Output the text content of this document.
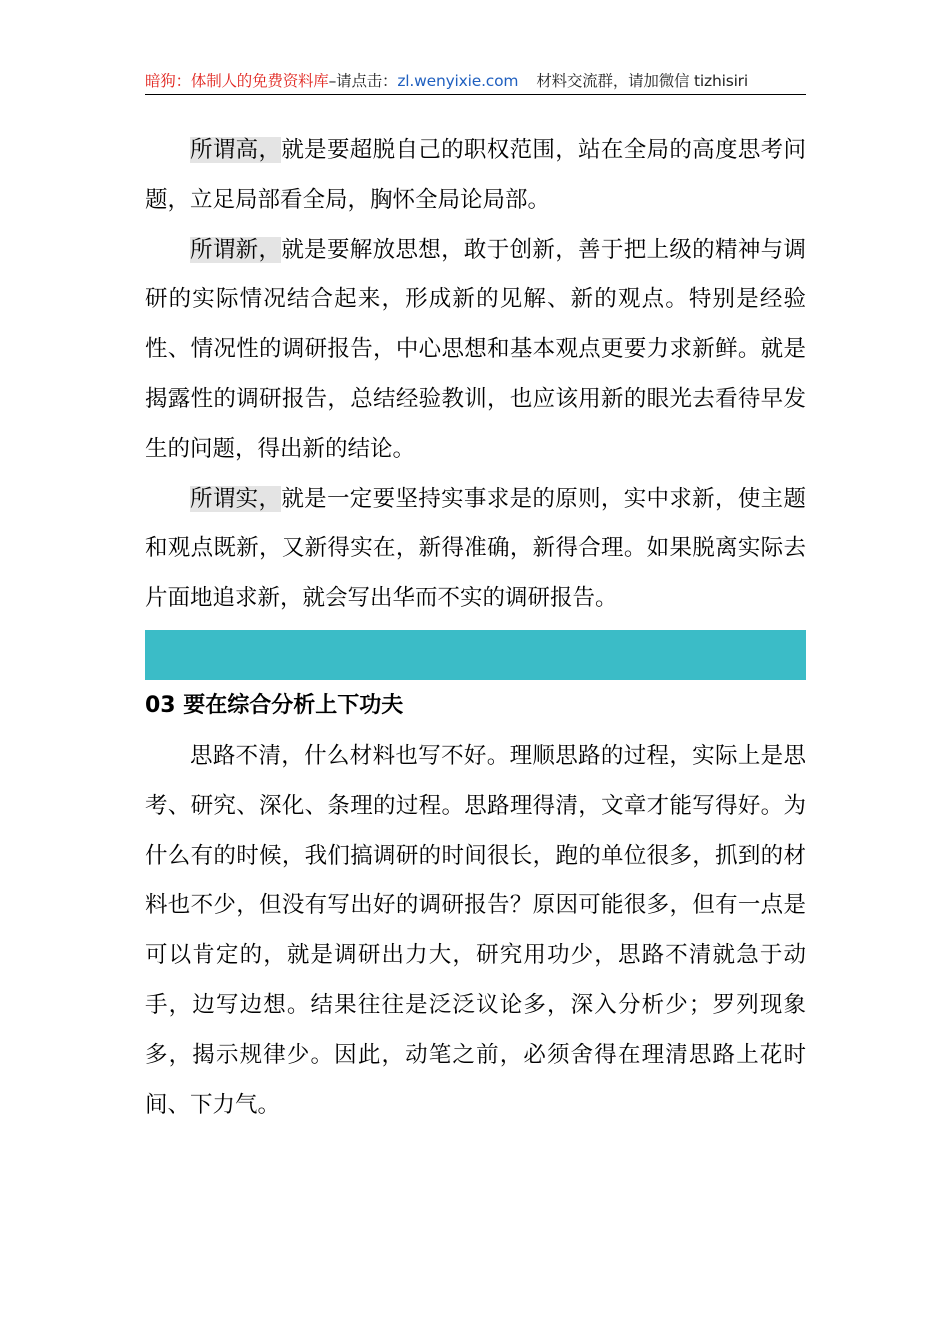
暗狗：体制人的免费资料库–请点击：zl.wenyixie.com 材料交流群，请加微信 tizhisiri

所谓高，就是要超脱自己的职权范围，站在全局的高度思考问题，立足局部看全局，胸怀全局论局部。

所谓新，就是要解放思想，敢于创新，善于把上级的精神与调研的实际情况结合起来，形成新的见解、新的观点。特别是经验性、情况性的调研报告，中心思想和基本观点更要力求新鲜。就是揭露性的调研报告，总结经验教训，也应该用新的眼光去看待早发生的问题，得出新的结论。

所谓实，就是一定要坚持实事求是的原则，实中求新，使主题和观点既新，又新得实在，新得准确，新得合理。如果脱离实际去片面地追求新，就会写出华而不实的调研报告。

03 要在综合分析上下功夫

思路不清，什么材料也写不好。理顺思路的过程，实际上是思考、研究、深化、条理的过程。思路理得清，文章才能写得好。为什么有的时候，我们搞调研的时间很长，跑的单位很多，抓到的材料也不少，但没有写出好的调研报告？原因可能很多，但有一点是可以肯定的，就是调研出力大，研究用功少，思路不清就急于动手，边写边想。结果往往是泛泛议论多，深入分析少；罗列现象多，揭示规律少。因此，动笔之前，必须舍得在理清思路上花时间、下力气。
